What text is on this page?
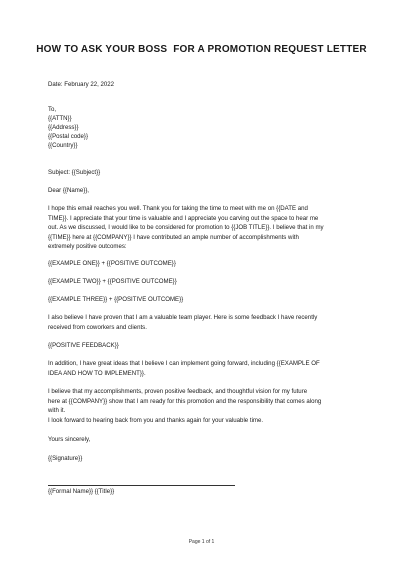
HOW TO ASK YOUR BOSS  FOR A PROMOTION REQUEST LETTER
Date: February 22, 2022
To,
{{ATTN}}
{{Address}}
{{Postal code}}
{{Country}}
Subject: {{Subject}}
Dear {{Name}},
I hope this email reaches you well. Thank you for taking the time to meet with me on {{DATE and
TIME}}. I appreciate that your time is valuable and I appreciate you carving out the space to hear me
out. As we discussed, I would like to be considered for promotion to {{JOB TITLE}}. I believe that in my
{{TIME}} here at {{COMPANY}} I have contributed an ample number of accomplishments with
extremely positive outcomes:
{{EXAMPLE ONE}} + {{POSITIVE OUTCOME}}
{{EXAMPLE TWO}} + {{POSITIVE OUTCOME}}
{{EXAMPLE THREE}} + {{POSITIVE OUTCOME}}
I also believe I have proven that I am a valuable team player. Here is some feedback I have recently
received from coworkers and clients.
{{POSITIVE FEEDBACK}}
In addition, I have great ideas that I believe I can implement going forward, including {{EXAMPLE OF
IDEA AND HOW TO IMPLEMENT}}.
I believe that my accomplishments, proven positive feedback, and thoughtful vision for my future
here at {{COMPANY}} show that I am ready for this promotion and the responsibility that comes along
with it.
I look forward to hearing back from you and thanks again for your valuable time.
Yours sincerely,
{{Signature}}
{{Formal Name}} {{Title}}
Page 1 of 1
